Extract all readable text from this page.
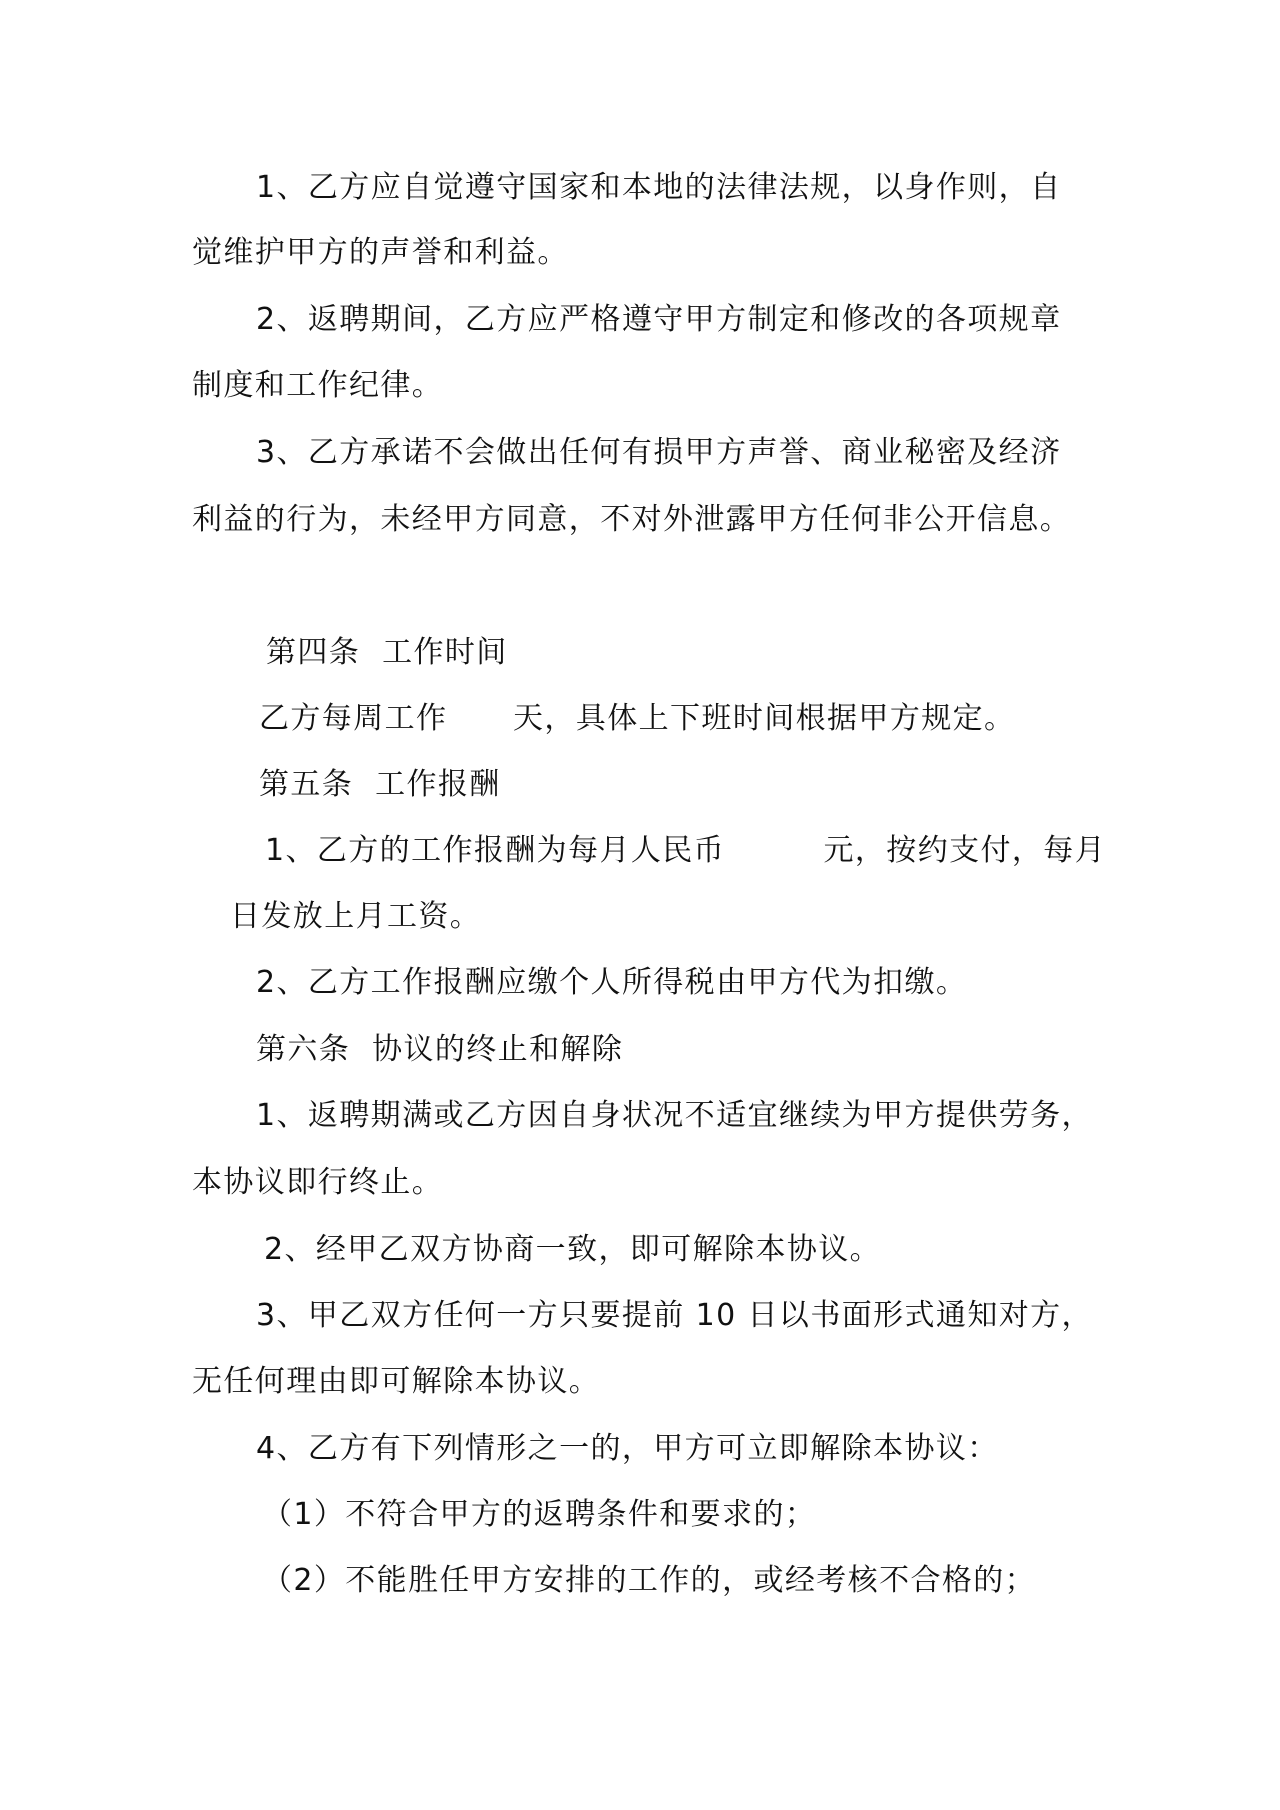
1、乙方应自觉遵守国家和本地的法律法规，以身作则，自
觉维护甲方的声誉和利益。
2、返聘期间，乙方应严格遵守甲方制定和修改的各项规章
制度和工作纪律。
3、乙方承诺不会做出任何有损甲方声誉、商业秘密及经济
利益的行为，未经甲方同意，不对外泄露甲方任何非公开信息。
第四条  工作时间
乙方每周工作      天，具体上下班时间根据甲方规定。
第五条  工作报酬
1、乙方的工作报酬为每月人民币         元，按约支付，每月
日发放上月工资。
2、乙方工作报酬应缴个人所得税由甲方代为扣缴。
第六条  协议的终止和解除
1、返聘期满或乙方因自身状况不适宜继续为甲方提供劳务，
本协议即行终止。
2、经甲乙双方协商一致，即可解除本协议。
3、甲乙双方任何一方只要提前 10 日以书面形式通知对方，
无任何理由即可解除本协议。
4、乙方有下列情形之一的，甲方可立即解除本协议：
（1）不符合甲方的返聘条件和要求的；
（2）不能胜任甲方安排的工作的，或经考核不合格的；
